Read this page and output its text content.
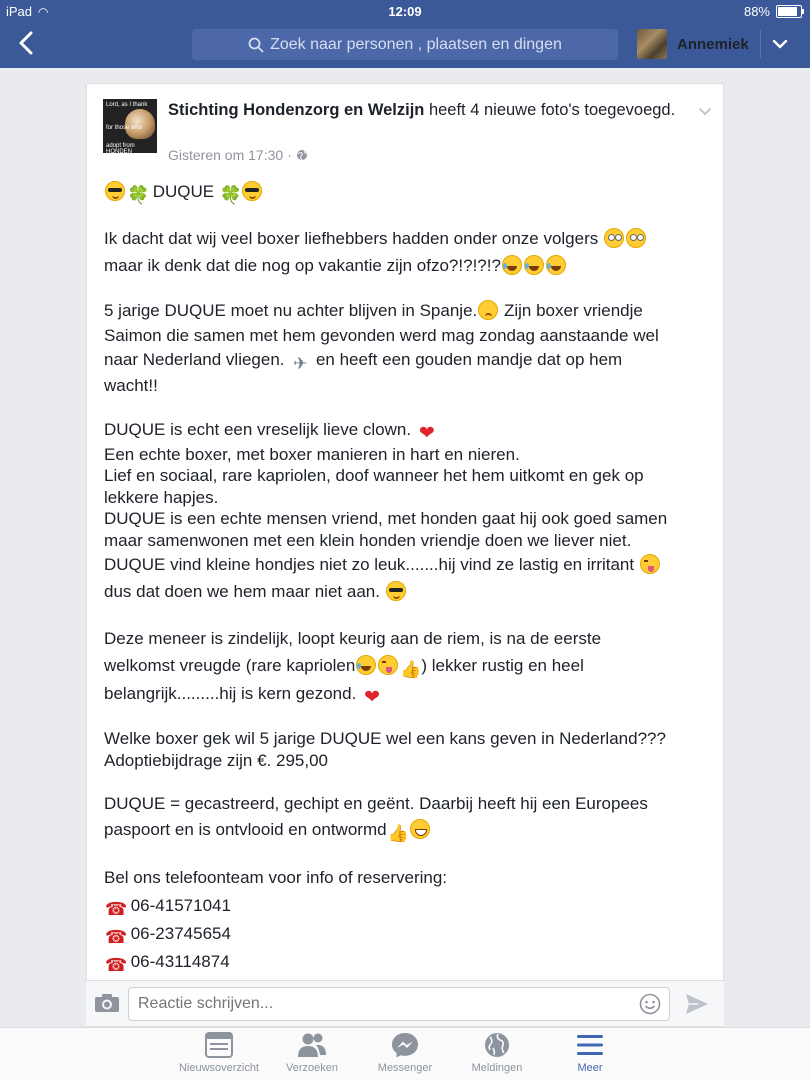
iPad ◠	12:09	88%
Zoek naar personen , plaatsen en dingen	Annemiek
Lord, as I thank
for those who
adopt from HONDEN
Stichting Hondenzorg en Welzijn heeft 4 nieuwe foto's toegevoegd.
Gisteren om 17:30 ·

🍀 DUQUE 🍀

Ik dacht dat wij veel boxer liefhebbers hadden onder onze volgers
maar ik denk dat die nog op vakantie zijn ofzo?!?!?!?

5 jarige DUQUE moet nu achter blijven in Spanje. Zijn boxer vriendje
Saimon die samen met hem gevonden werd mag zondag aanstaande wel
naar Nederland vliegen. ✈ en heeft een gouden mandje dat op hem
wacht!!

DUQUE is echt een vreselijk lieve clown. ❤
Een echte boxer, met boxer manieren in hart en nieren.
Lief en sociaal, rare kapriolen, doof wanneer het hem uitkomt en gek op
lekkere hapjes.
DUQUE is een echte mensen vriend, met honden gaat hij ook goed samen
maar samenwonen met een klein honden vriendje doen we liever niet.
DUQUE vind kleine hondjes niet zo leuk.......hij vind ze lastig en irritant
dus dat doen we hem maar niet aan.

Deze meneer is zindelijk, loopt keurig aan de riem, is na de eerste
welkomst vreugde (rare kapriolen	👍) lekker rustig en heel
belangrijk.........hij is kern gezond. ❤

Welke boxer gek wil 5 jarige DUQUE wel een kans geven in Nederland???
Adoptiebijdrage zijn €. 295,00

DUQUE = gecastreerd, gechipt en geënt. Daarbij heeft hij een Europees
paspoort en is ontvlooid en ontwormd👍

Bel ons telefoonteam voor info of reservering:
☎ 06-41571041
☎ 06-23745654
☎ 06-43114874

Reactie schrijven...
Nieuwsoverzicht	Verzoeken	Messenger	Meldingen	Meer
